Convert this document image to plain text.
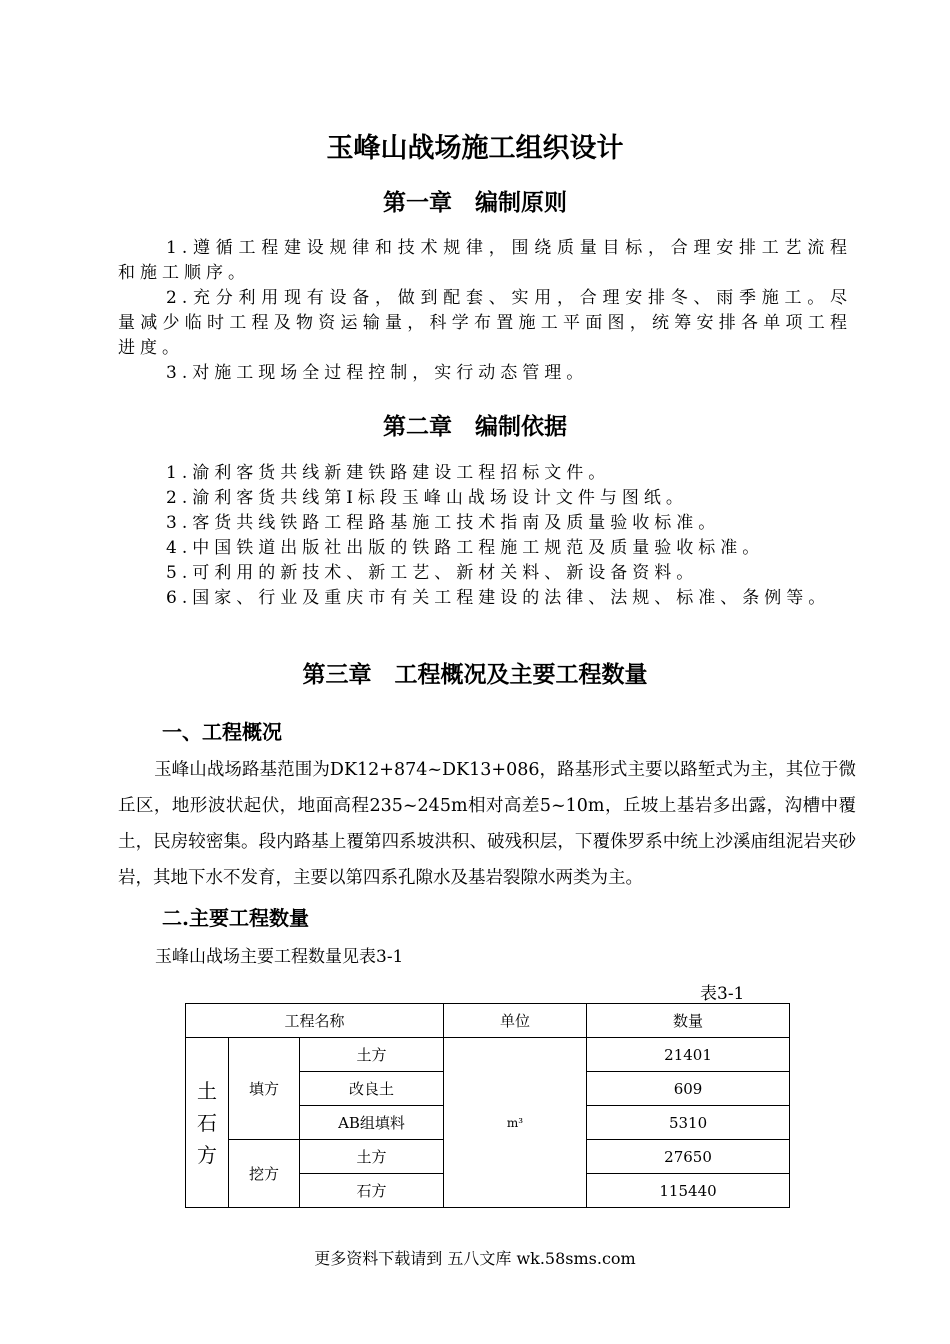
玉峰山战场施工组织设计
第一章　编制原则
1.遵循工程建设规律和技术规律，围绕质量目标，合理安排工艺流程和施工顺序。
2.充分利用现有设备，做到配套、实用，合理安排冬、雨季施工。尽量减少临时工程及物资运输量，科学布置施工平面图，统筹安排各单项工程进度。
3.对施工现场全过程控制，实行动态管理。
第二章　编制依据
1.渝利客货共线新建铁路建设工程招标文件。
2.渝利客货共线第Ⅰ标段玉峰山战场设计文件与图纸。
3.客货共线铁路工程路基施工技术指南及质量验收标准。
4.中国铁道出版社出版的铁路工程施工规范及质量验收标准。
5.可利用的新技术、新工艺、新材关料、新设备资料。
6.国家、行业及重庆市有关工程建设的法律、法规、标准、条例等。
第三章　工程概况及主要工程数量
一、工程概况
玉峰山战场路基范围为DK12+874~DK13+086，路基形式主要以路堑式为主，其位于微丘区，地形波状起伏，地面高程235~245m相对高差5~10m，丘坡上基岩多出露，沟槽中覆土，民房较密集。段内路基上覆第四系坡洪积、破残积层，下覆侏罗系中统上沙溪庙组泥岩夹砂岩，其地下水不发育，主要以第四系孔隙水及基岩裂隙水两类为主。
二.主要工程数量
玉峰山战场主要工程数量见表3-1
表3-1
工程名称			单位	数量

土石方	填方	土方	m³	21401
		改良土		609
		AB组填料		5310
	挖方	土方		27650
		石方		115440
更多资料下载请到 五八文库 wk.58sms.com
